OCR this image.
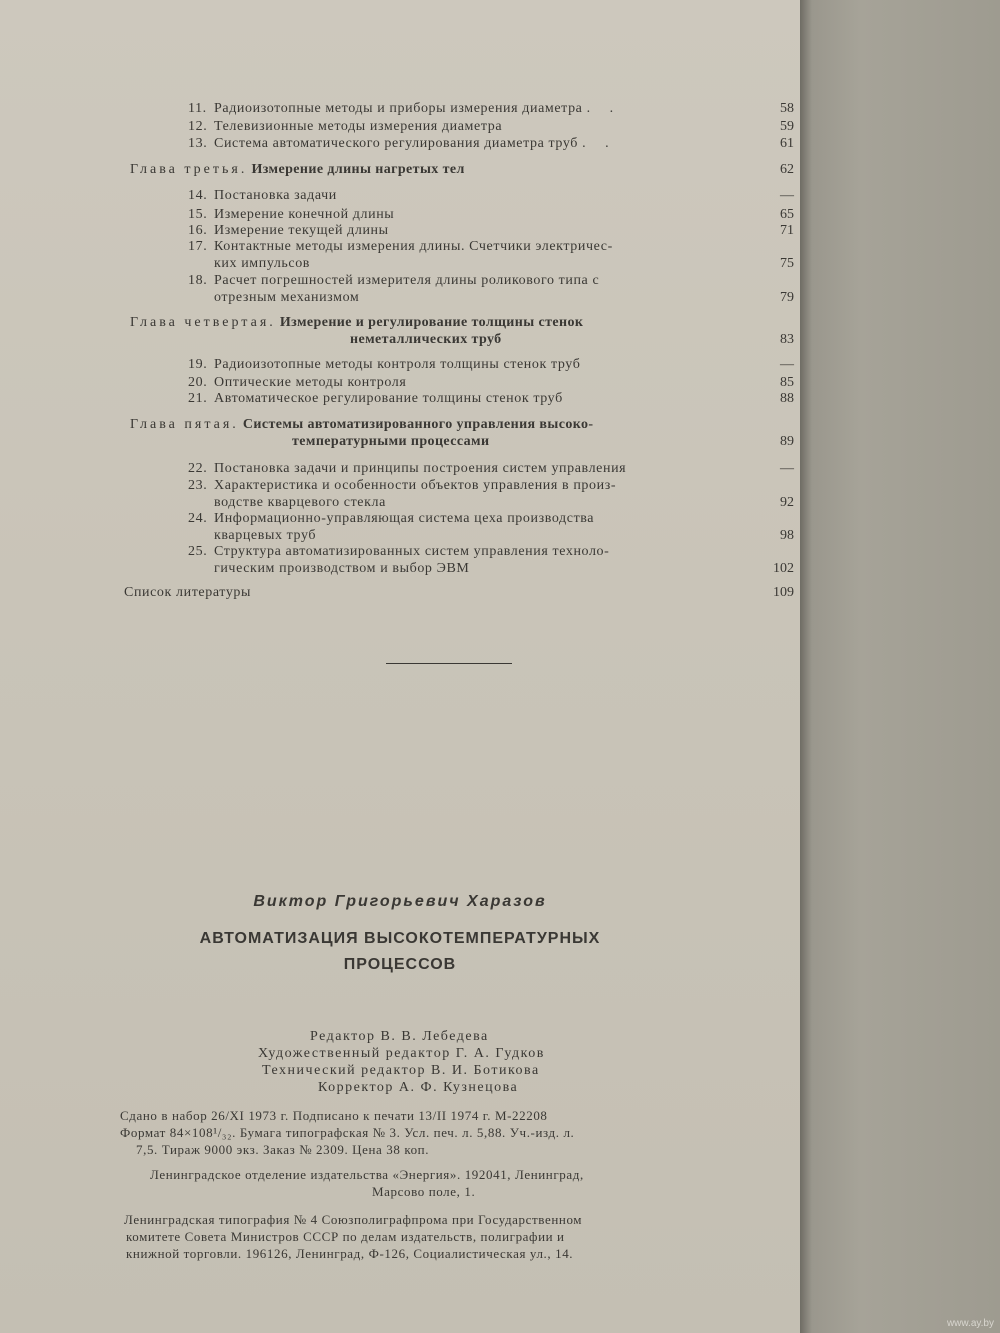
11. Радиоизотопные методы и приборы измерения диаметра . .	58
12. Телевизионные методы измерения диаметра	59
13. Система автоматического регулирования диаметра труб . .	61
Глава третья. Измерение длины нагретых тел	62
14. Постановка задачи	—
15. Измерение конечной длины	65
16. Измерение текущей длины	71
17. Контактные методы измерения длины. Счетчики электричес-
ких импульсов	75
18. Расчет погрешностей измерителя длины роликового типа с
отрезным механизмом	79
Глава четвертая. Измерение и регулирование толщины стенок
неметаллических труб	83
19. Радиоизотопные методы контроля толщины стенок труб	—
20. Оптические методы контроля	85
21. Автоматическое регулирование толщины стенок труб	88
Глава пятая. Системы автоматизированного управления высоко-
температурными процессами	89
22. Постановка задачи и принципы построения систем управления	—
23. Характеристика и особенности объектов управления в произ-
водстве кварцевого стекла	92
24. Информационно-управляющая система цеха производства
кварцевых труб	98
25. Структура автоматизированных систем управления техноло-
гическим производством и выбор ЭВМ	102
Список литературы	109
Виктор Григорьевич Харазов
АВТОМАТИЗАЦИЯ ВЫСОКОТЕМПЕРАТУРНЫХ
ПРОЦЕССОВ
Редактор В. В. Лебедева
Художественный редактор Г. А. Гудков
Технический редактор В. И. Ботикова
Корректор А. Ф. Кузнецова
Сдано в набор 26/XI 1973 г. Подписано к печати 13/II 1974 г. М-22208
Формат 84×108¹/₃₂. Бумага типографская № 3. Усл. печ. л. 5,88. Уч.-изд. л.
7,5. Тираж 9000 экз. Заказ № 2309. Цена 38 коп.
Ленинградское отделение издательства «Энергия». 192041, Ленинград,
Марсово поле, 1.
Ленинградская типография № 4 Союзполиграфпрома при Государственном
комитете Совета Министров СССР по делам издательств, полиграфии и
книжной торговли. 196126, Ленинград, Ф-126, Социалистическая ул., 14.
www.ay.by
